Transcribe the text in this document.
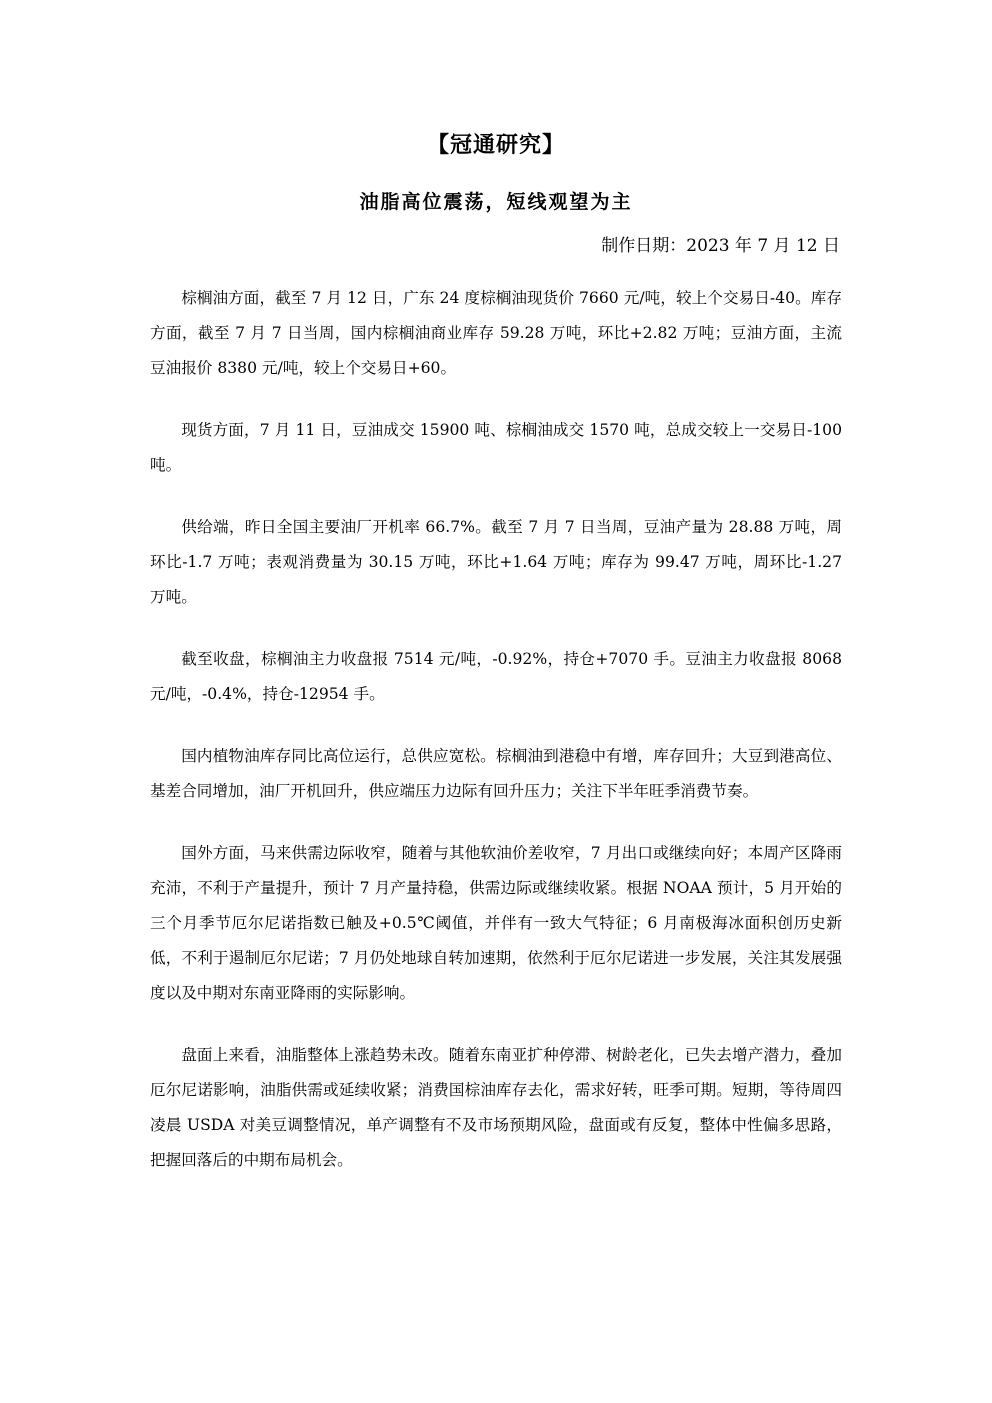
【冠通研究】
油脂高位震荡，短线观望为主
制作日期：2023 年 7 月 12 日

棕榈油方面，截至 7 月 12 日，广东 24 度棕榈油现货价 7660 元/吨，较上个交易日-40。库存方面，截至 7 月 7 日当周，国内棕榈油商业库存 59.28 万吨，环比+2.82 万吨；豆油方面，主流豆油报价 8380 元/吨，较上个交易日+60。

现货方面，7 月 11 日，豆油成交 15900 吨、棕榈油成交 1570 吨，总成交较上一交易日-100 吨。

供给端，昨日全国主要油厂开机率 66.7%。截至 7 月 7 日当周，豆油产量为 28.88 万吨，周环比-1.7 万吨；表观消费量为 30.15 万吨，环比+1.64 万吨；库存为 99.47 万吨，周环比-1.27 万吨。

截至收盘，棕榈油主力收盘报 7514 元/吨，-0.92%，持仓+7070 手。豆油主力收盘报 8068 元/吨，-0.4%，持仓-12954 手。

国内植物油库存同比高位运行，总供应宽松。棕榈油到港稳中有增，库存回升；大豆到港高位、基差合同增加，油厂开机回升，供应端压力边际有回升压力；关注下半年旺季消费节奏。

国外方面，马来供需边际收窄，随着与其他软油价差收窄，7 月出口或继续向好；本周产区降雨充沛，不利于产量提升，预计 7 月产量持稳，供需边际或继续收紧。根据 NOAA 预计，5 月开始的三个月季节厄尔尼诺指数已触及+0.5℃阈值，并伴有一致大气特征；6 月南极海冰面积创历史新低，不利于遏制厄尔尼诺；7 月仍处地球自转加速期，依然利于厄尔尼诺进一步发展，关注其发展强度以及中期对东南亚降雨的实际影响。

盘面上来看，油脂整体上涨趋势未改。随着东南亚扩种停滞、树龄老化，已失去增产潜力，叠加厄尔尼诺影响，油脂供需或延续收紧；消费国棕油库存去化，需求好转，旺季可期。短期，等待周四凌晨 USDA 对美豆调整情况，单产调整有不及市场预期风险，盘面或有反复，整体中性偏多思路，把握回落后的中期布局机会。
